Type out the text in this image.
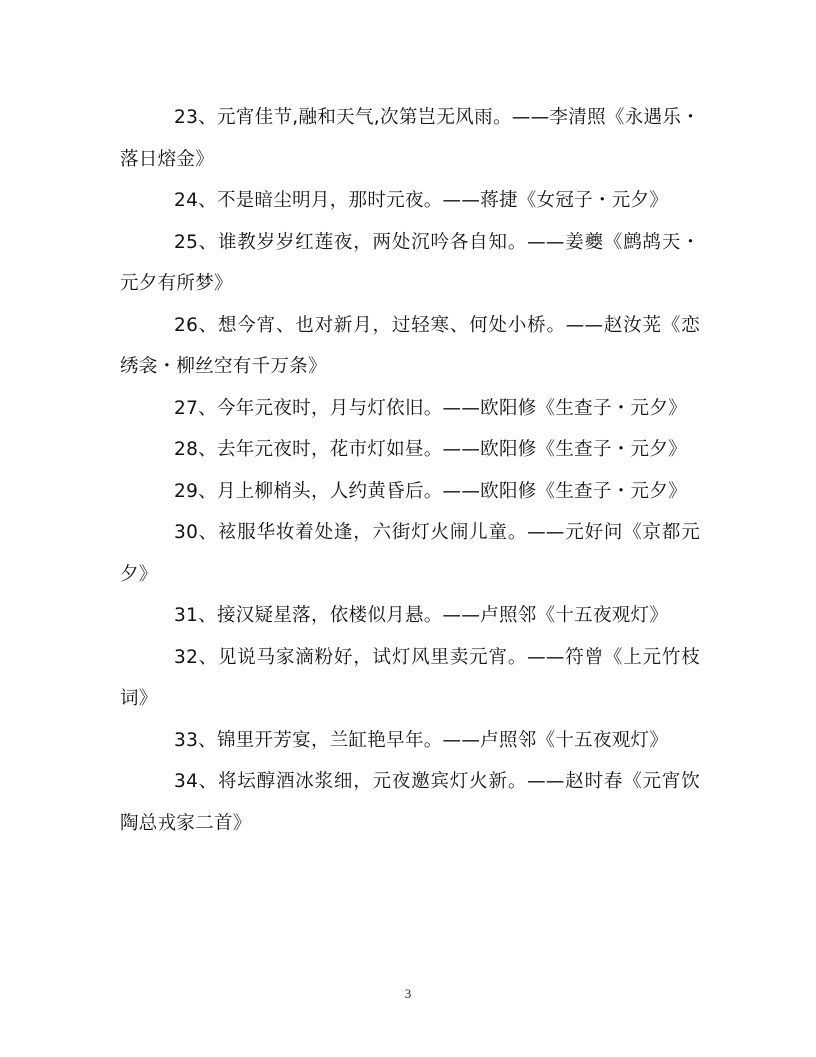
23、元宵佳节,融和天气,次第岂无风雨。——李清照《永遇乐・落日熔金》

24、不是暗尘明月，那时元夜。——蒋捷《女冠子・元夕》

25、谁教岁岁红莲夜，两处沉吟各自知。——姜夔《鹧鸪天・元夕有所梦》

26、想今宵、也对新月，过轻寒、何处小桥。——赵汝茪《恋绣衾・柳丝空有千万条》

27、今年元夜时，月与灯依旧。——欧阳修《生查子・元夕》

28、去年元夜时，花市灯如昼。——欧阳修《生查子・元夕》

29、月上柳梢头，人约黄昏后。——欧阳修《生查子・元夕》

30、袨服华妆着处逢，六街灯火闹儿童。——元好问《京都元夕》

31、接汉疑星落，依楼似月悬。——卢照邻《十五夜观灯》

32、见说马家滴粉好，试灯风里卖元宵。——符曾《上元竹枝词》

33、锦里开芳宴，兰缸艳早年。——卢照邻《十五夜观灯》

34、将坛醇酒冰浆细，元夜邀宾灯火新。——赵时春《元宵饮陶总戎家二首》

3
